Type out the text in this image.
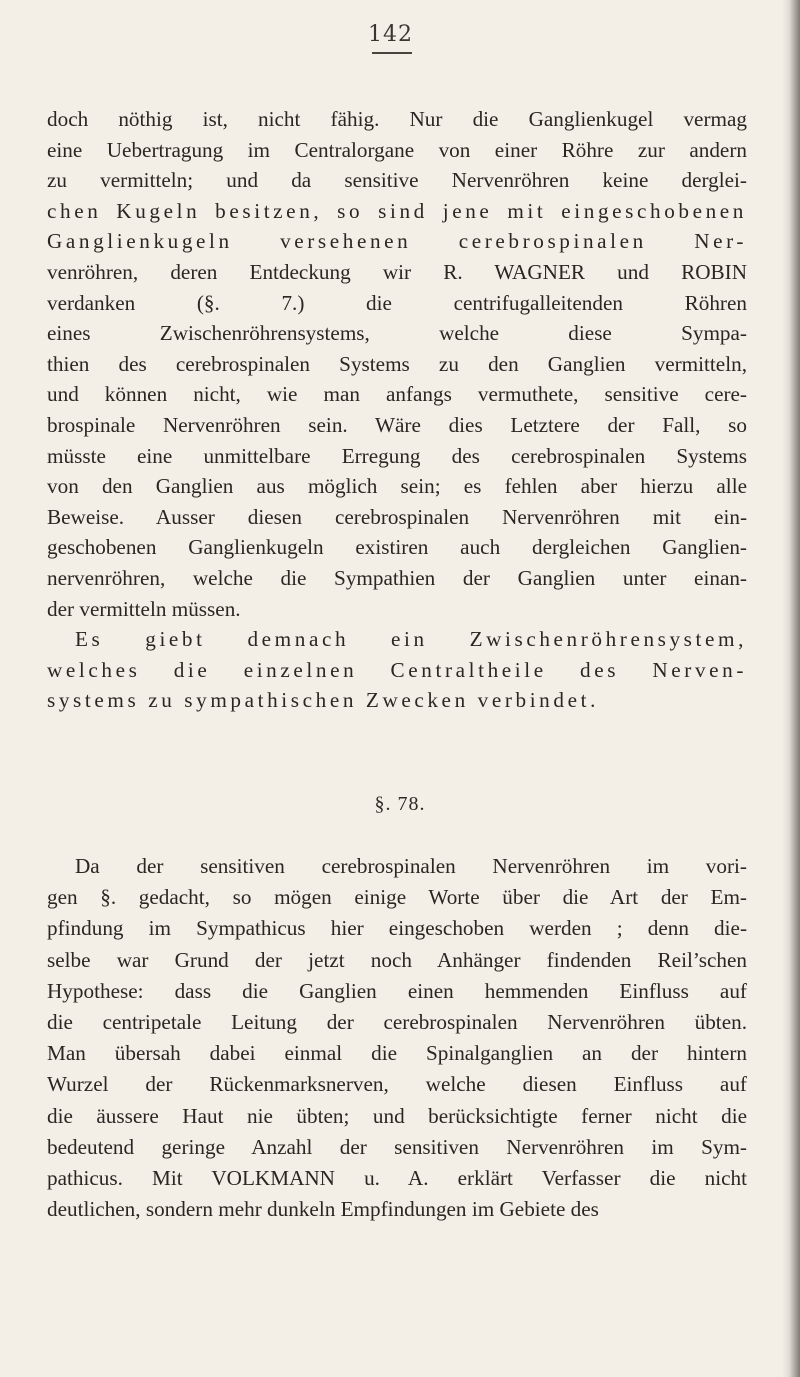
142
doch nöthig ist, nicht fähig. Nur die Ganglienkugel vermag
eine Uebertragung im Centralorgane von einer Röhre zur andern
zu vermitteln; und da sensitive Nervenröhren keine derglei-
chen Kugeln besitzen, so sind jene mit eingeschobenen
Ganglienkugeln versehenen cerebrospinalen Ner-
venröhren, deren Entdeckung wir R. WAGNER und ROBIN
verdanken (§. 7.) die centrifugalleitenden Röhren
eines Zwischenröhrensystems, welche diese Sympa-
thien des cerebrospinalen Systems zu den Ganglien vermitteln,
und können nicht, wie man anfangs vermuthete, sensitive cere-
brospinale Nervenröhren sein. Wäre dies Letztere der Fall, so
müsste eine unmittelbare Erregung des cerebrospinalen Systems
von den Ganglien aus möglich sein; es fehlen aber hierzu alle
Beweise. Ausser diesen cerebrospinalen Nervenröhren mit ein-
geschobenen Ganglienkugeln existiren auch dergleichen Ganglien-
nervenröhren, welche die Sympathien der Ganglien unter einan-
der vermitteln müssen.
Es giebt demnach ein Zwischenröhrensystem,
welches die einzelnen Centraltheile des Nerven-
systems zu sympathischen Zwecken verbindet.
§. 78.
Da der sensitiven cerebrospinalen Nervenröhren im vori-
gen §. gedacht, so mögen einige Worte über die Art der Em-
pfindung im Sympathicus hier eingeschoben werden ; denn die-
selbe war Grund der jetzt noch Anhänger findenden Reil’schen
Hypothese: dass die Ganglien einen hemmenden Einfluss auf
die centripetale Leitung der cerebrospinalen Nervenröhren übten.
Man übersah dabei einmal die Spinalganglien an der hintern
Wurzel der Rückenmarksnerven, welche diesen Einfluss auf
die äussere Haut nie übten; und berücksichtigte ferner nicht die
bedeutend geringe Anzahl der sensitiven Nervenröhren im Sym-
pathicus. Mit VOLKMANN u. A. erklärt Verfasser die nicht
deutlichen, sondern mehr dunkeln Empfindungen im Gebiete des
